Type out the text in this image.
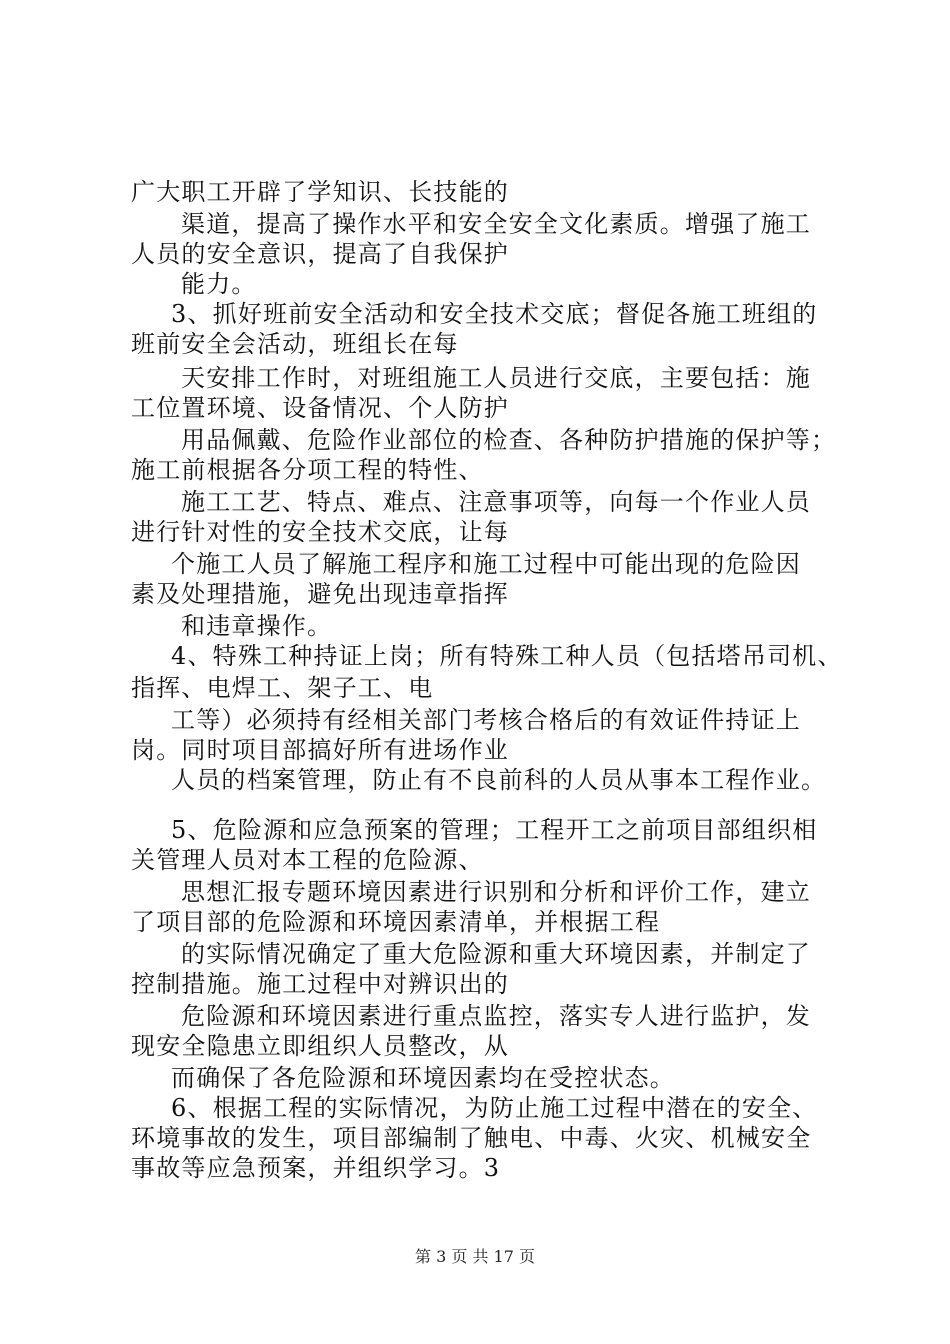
广大职工开辟了学知识、长技能的
渠道，提高了操作水平和安全安全文化素质。增强了施工
人员的安全意识，提高了自我保护
能力。
3、抓好班前安全活动和安全技术交底；督促各施工班组的
班前安全会活动，班组长在每
天安排工作时，对班组施工人员进行交底，主要包括：施
工位置环境、设备情况、个人防护
用品佩戴、危险作业部位的检查、各种防护措施的保护等；
施工前根据各分项工程的特性、
施工工艺、特点、难点、注意事项等，向每一个作业人员
进行针对性的安全技术交底，让每
个施工人员了解施工程序和施工过程中可能出现的危险因
素及处理措施，避免出现违章指挥
和违章操作。
4、特殊工种持证上岗；所有特殊工种人员（包括塔吊司机、
指挥、电焊工、架子工、电
工等）必须持有经相关部门考核合格后的有效证件持证上
岗。同时项目部搞好所有进场作业
人员的档案管理，防止有不良前科的人员从事本工程作业。
5、危险源和应急预案的管理；工程开工之前项目部组织相
关管理人员对本工程的危险源、
思想汇报专题环境因素进行识别和分析和评价工作，建立
了项目部的危险源和环境因素清单，并根据工程
的实际情况确定了重大危险源和重大环境因素，并制定了
控制措施。施工过程中对辨识出的
危险源和环境因素进行重点监控，落实专人进行监护，发
现安全隐患立即组织人员整改，从
而确保了各危险源和环境因素均在受控状态。
6、根据工程的实际情况，为防止施工过程中潜在的安全、
环境事故的发生，项目部编制了触电、中毒、火灾、机械安全
事故等应急预案，并组织学习。3
第 3 页 共 17 页
